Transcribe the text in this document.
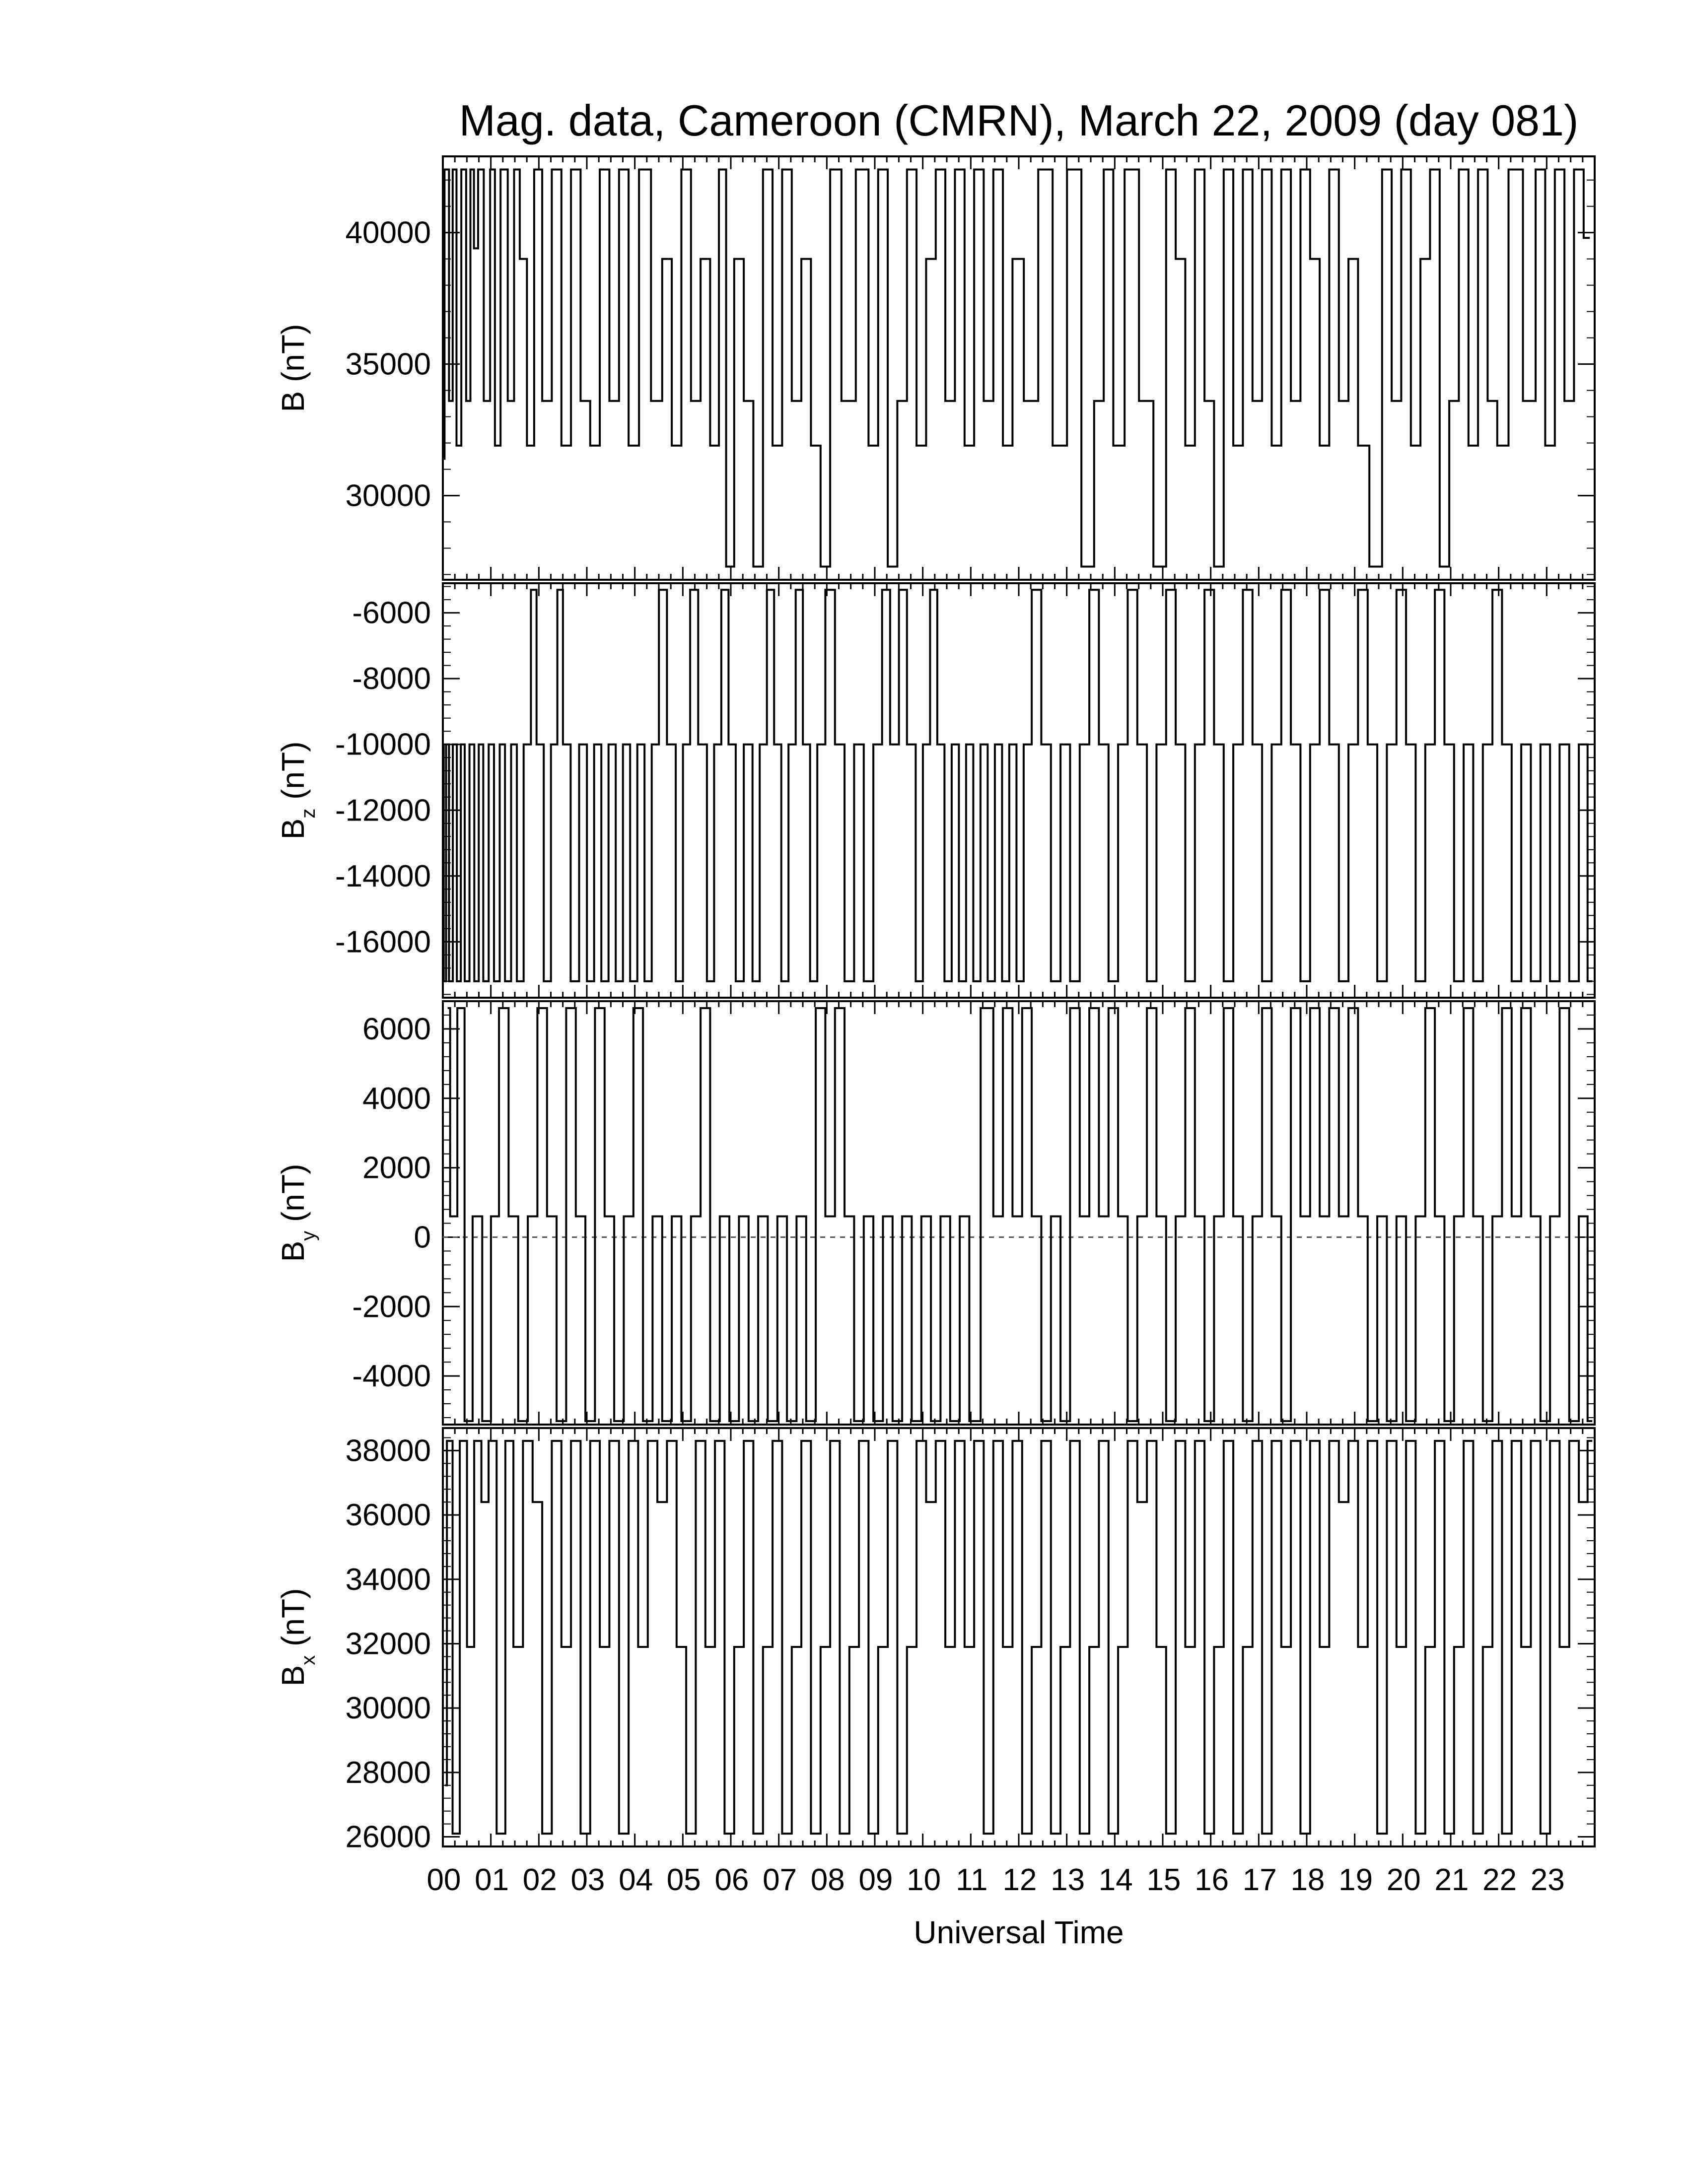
Mag. data, Cameroon (CMRN), March 22, 2009 (day 081)
30000
35000
40000
B (nT)
-16000
-14000
-12000
-10000
-8000
-6000
$B_z$ (nT)
-4000
-2000
0
2000
4000
6000
$B_y$ (nT)
26000
28000
30000
32000
34000
36000
38000
$B_x$ (nT)
00 01 02 03 04 05 06 07 08 09 10 11 12 13 14 15 16 17 18 19 20 21 22 23
Universal Time
